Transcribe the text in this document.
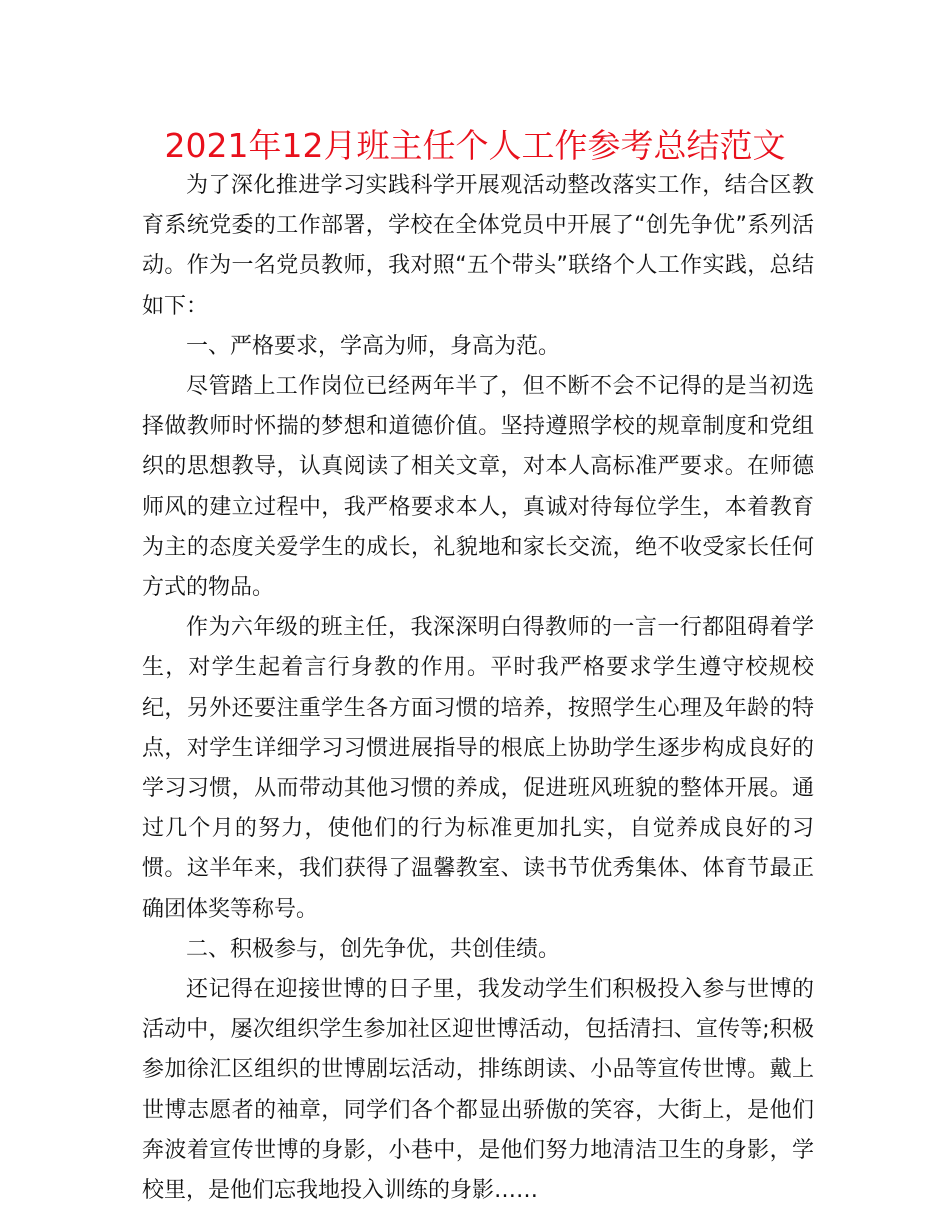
2021年12月班主任个人工作参考总结范文

为了深化推进学习实践科学开展观活动整改落实工作，结合区教育系统党委的工作部署，学校在全体党员中开展了“创先争优”系列活动。作为一名党员教师，我对照“五个带头”联络个人工作实践，总结如下：

一、严格要求，学高为师，身高为范。

尽管踏上工作岗位已经两年半了，但不断不会不记得的是当初选择做教师时怀揣的梦想和道德价值。坚持遵照学校的规章制度和党组织的思想教导，认真阅读了相关文章，对本人高标准严要求。在师德师风的建立过程中，我严格要求本人，真诚对待每位学生，本着教育为主的态度关爱学生的成长，礼貌地和家长交流，绝不收受家长任何方式的物品。

作为六年级的班主任，我深深明白得教师的一言一行都阻碍着学生，对学生起着言行身教的作用。平时我严格要求学生遵守校规校纪，另外还要注重学生各方面习惯的培养，按照学生心理及年龄的特点，对学生详细学习习惯进展指导的根底上协助学生逐步构成良好的学习习惯，从而带动其他习惯的养成，促进班风班貌的整体开展。通过几个月的努力，使他们的行为标准更加扎实，自觉养成良好的习惯。这半年来，我们获得了温馨教室、读书节优秀集体、体育节最正确团体奖等称号。

二、积极参与，创先争优，共创佳绩。

还记得在迎接世博的日子里，我发动学生们积极投入参与世博的活动中，屡次组织学生参加社区迎世博活动，包括清扫、宣传等;积极参加徐汇区组织的世博剧坛活动，排练朗读、小品等宣传世博。戴上世博志愿者的袖章，同学们各个都显出骄傲的笑容，大街上，是他们奔波着宣传世博的身影，小巷中，是他们努力地清洁卫生的身影，学校里，是他们忘我地投入训练的身影……
